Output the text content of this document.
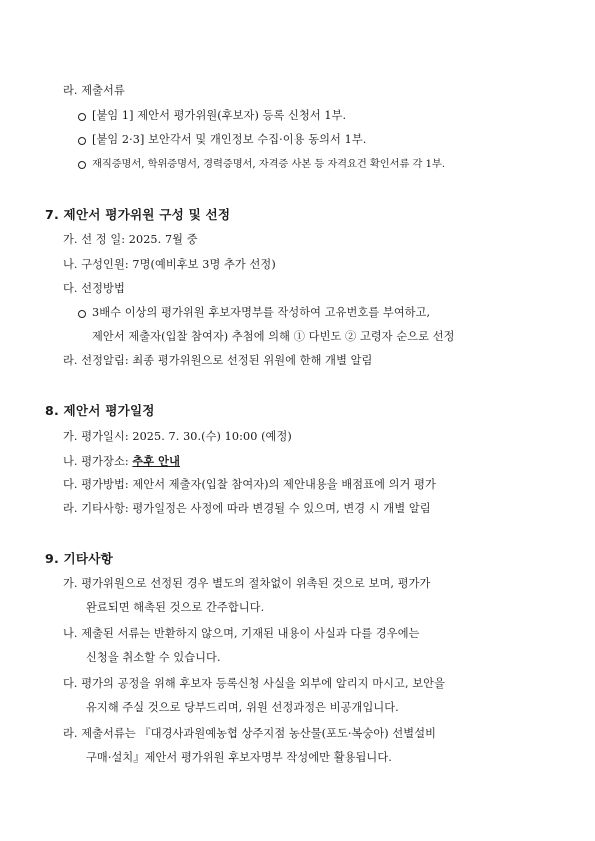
라. 제출서류
[붙임 1] 제안서 평가위원(후보자) 등록 신청서 1부.
[붙임 2·3] 보안각서 및 개인정보 수집·이용 동의서 1부.
재직증명서, 학위증명서, 경력증명서, 자격증 사본 등 자격요건 확인서류 각 1부.
7. 제안서 평가위원 구성 및 선정
가. 선 정 일: 2025. 7월 중
나. 구성인원: 7명(예비후보 3명 추가 선정)
다. 선정방법
3배수 이상의 평가위원 후보자명부를 작성하여 고유번호를 부여하고,
제안서 제출자(입찰 참여자) 추첨에 의해 ① 다빈도 ② 고령자 순으로 선정
라. 선정알림: 최종 평가위원으로 선정된 위원에 한해 개별 알림
8. 제안서 평가일정
가. 평가일시: 2025. 7. 30.(수) 10:00 (예정)
나. 평가장소: 추후 안내
다. 평가방법: 제안서 제출자(입찰 참여자)의 제안내용을 배점표에 의거 평가
라. 기타사항: 평가일정은 사정에 따라 변경될 수 있으며, 변경 시 개별 알림
9. 기타사항
가. 평가위원으로 선정된 경우 별도의 절차없이 위촉된 것으로 보며, 평가가
완료되면 해촉된 것으로 간주합니다.
나. 제출된 서류는 반환하지 않으며, 기재된 내용이 사실과 다를 경우에는
신청을 취소할 수 있습니다.
다. 평가의 공정을 위해 후보자 등록신청 사실을 외부에 알리지 마시고, 보안을
유지해 주실 것으로 당부드리며, 위원 선정과정은 비공개입니다.
라. 제출서류는 『대경사과원예농협 상주지점 농산물(포도·복숭아) 선별설비
구매·설치』제안서 평가위원 후보자명부 작성에만 활용됩니다.
